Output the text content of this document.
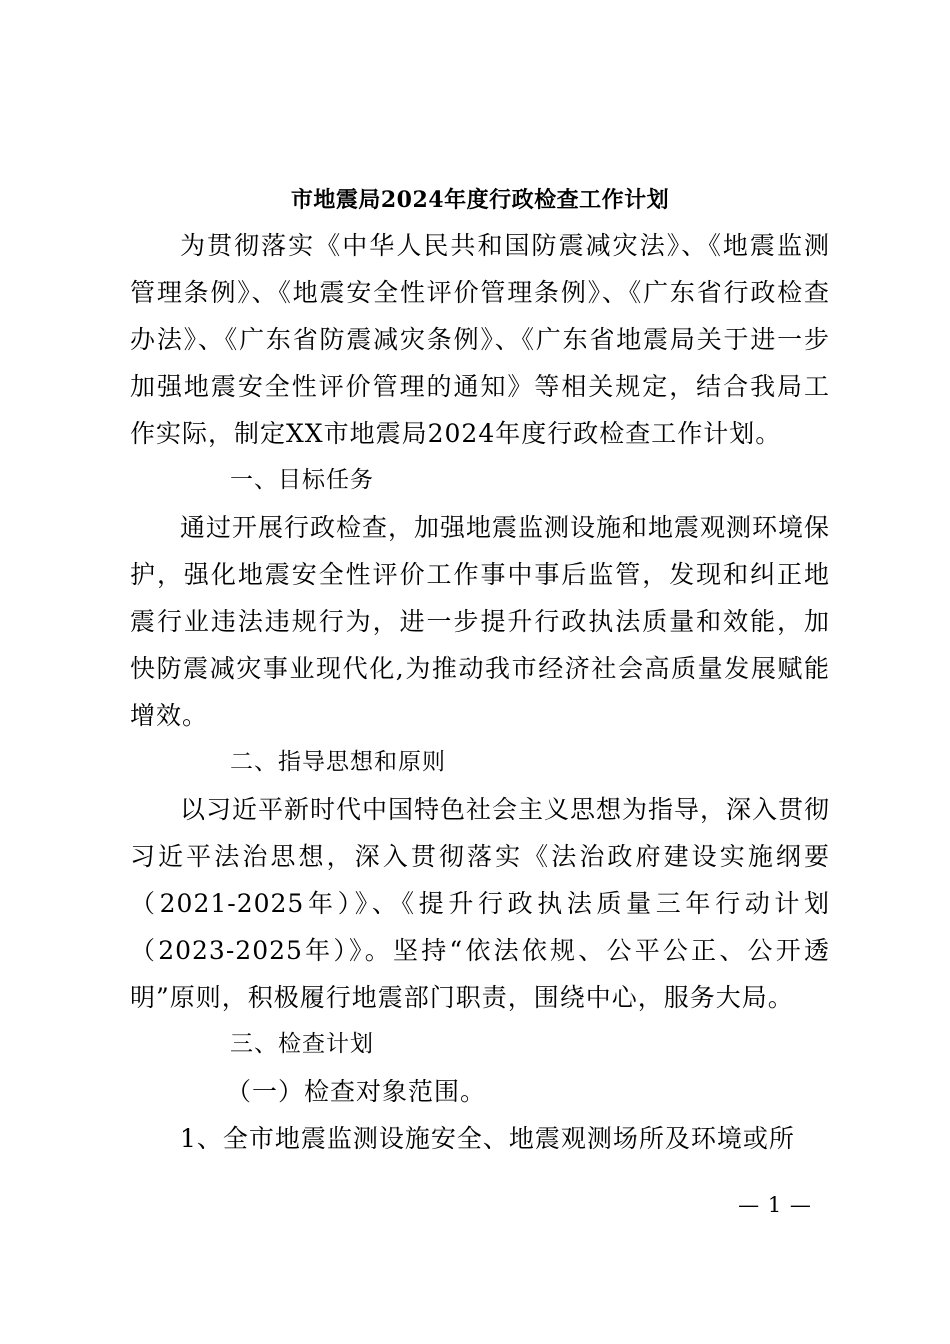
市地震局2024年度行政检查工作计划

为贯彻落实《中华人民共和国防震减灾法》、《地震监测管理条例》、《地震安全性评价管理条例》、《广东省行政检查办法》、《广东省防震减灾条例》、《广东省地震局关于进一步加强地震安全性评价管理的通知》等相关规定，结合我局工作实际，制定XX市地震局2024年度行政检查工作计划。

一、目标任务

通过开展行政检查，加强地震监测设施和地震观测环境保护，强化地震安全性评价工作事中事后监管，发现和纠正地震行业违法违规行为，进一步提升行政执法质量和效能，加快防震减灾事业现代化,为推动我市经济社会高质量发展赋能增效。

二、指导思想和原则

以习近平新时代中国特色社会主义思想为指导，深入贯彻习近平法治思想，深入贯彻落实《法治政府建设实施纲要（2021-2025年）》、《提升行政执法质量三年行动计划（2023-2025年）》。坚持“依法依规、公平公正、公开透明”原则，积极履行地震部门职责，围绕中心，服务大局。

三、检查计划

（一）检查对象范围。

1、全市地震监测设施安全、地震观测场所及环境或所

— 1 —
